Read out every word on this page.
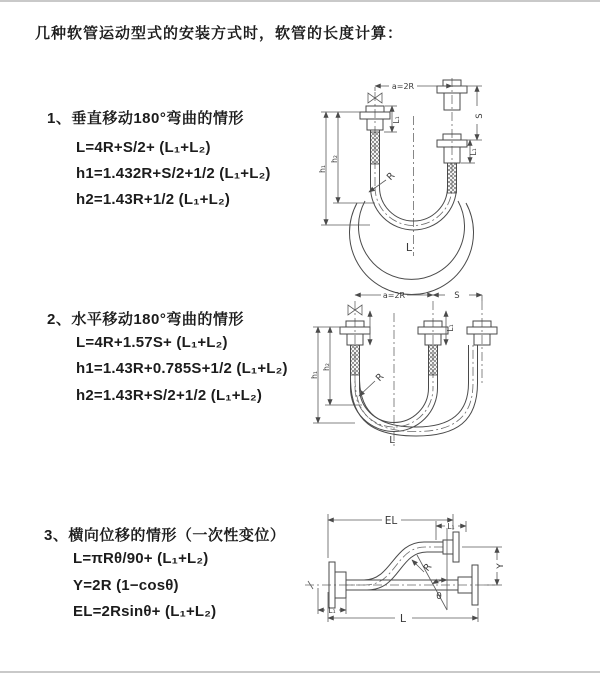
几种软管运动型式的安装方式时，软管的长度计算：
1、垂直移动180°弯曲的情形
L=4R+S/2+ (L₁+L₂)
h1=1.432R+S/2+1/2 (L₁+L₂)
h2=1.43R+1/2 (L₁+L₂)
2、水平移动180°弯曲的情形
L=4R+1.57S+ (L₁+L₂)
h1=1.43R+0.785S+1/2 (L₁+L₂)
h2=1.43R+S/2+1/2 (L₁+L₂)
3、横向位移的情形（一次性变位）
L=πRθ/90+ (L₁+L₂)
Y=2R (1−cosθ)
EL=2Rsinθ+ (L₁+L₂)
a=2R
S
L₁
L₁
h₁
h₂
R
L
a=2R	S
L₁
h₁
h₂
R
L
EL	L₁
Y
L
L₁
θ
R
